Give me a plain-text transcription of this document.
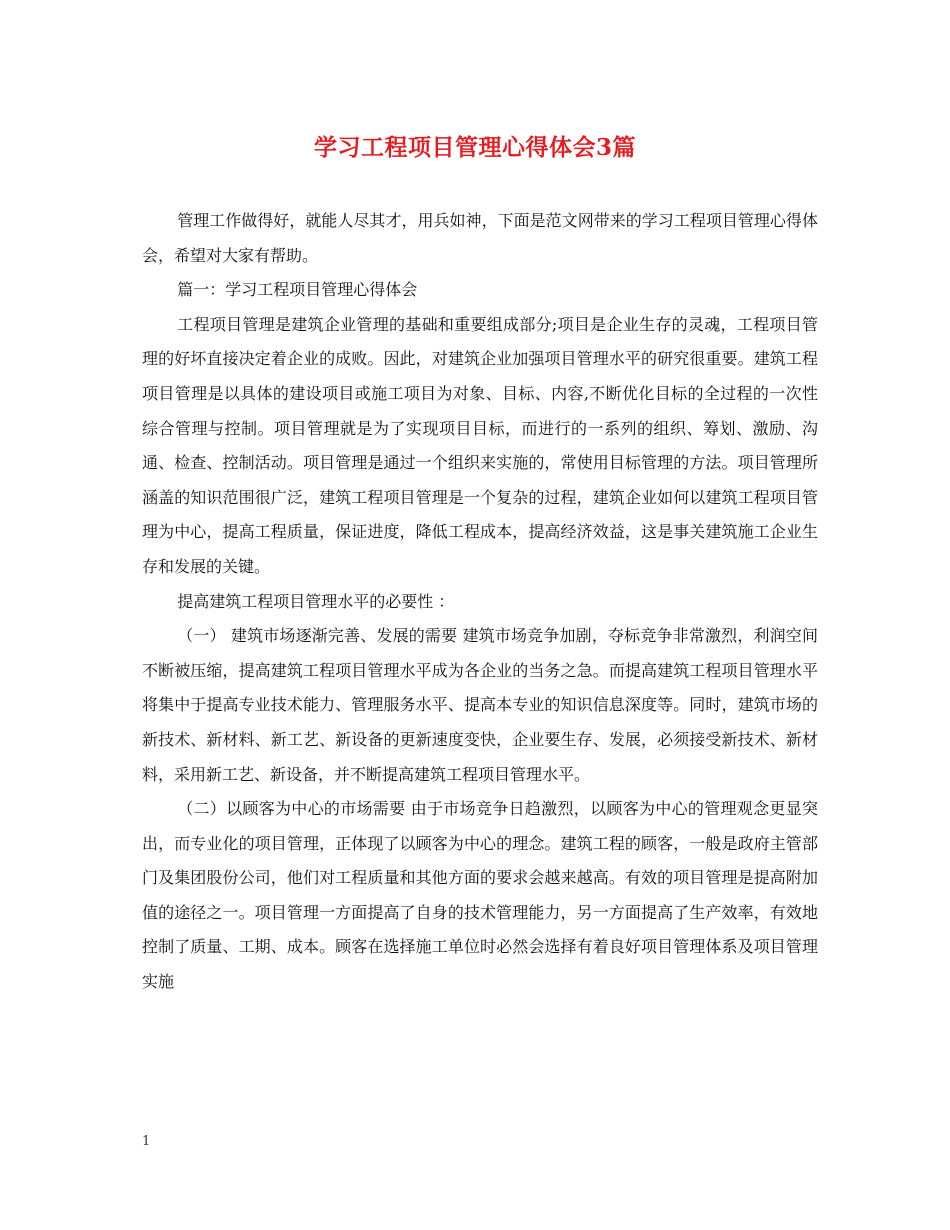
学习工程项目管理心得体会3篇

管理工作做得好，就能人尽其才，用兵如神，下面是范文网带来的学习工程项目管理心得体会，希望对大家有帮助。

篇一：学习工程项目管理心得体会

工程项目管理是建筑企业管理的基础和重要组成部分;项目是企业生存的灵魂，工程项目管理的好坏直接决定着企业的成败。因此，对建筑企业加强项目管理水平的研究很重要。建筑工程项目管理是以具体的建设项目或施工项目为对象、目标、内容,不断优化目标的全过程的一次性综合管理与控制。项目管理就是为了实现项目目标，而进行的一系列的组织、筹划、激励、沟通、检查、控制活动。项目管理是通过一个组织来实施的，常使用目标管理的方法。项目管理所涵盖的知识范围很广泛，建筑工程项目管理是一个复杂的过程，建筑企业如何以建筑工程项目管理为中心，提高工程质量，保证进度，降低工程成本，提高经济效益，这是事关建筑施工企业生存和发展的关键。

提高建筑工程项目管理水平的必要性 ：

（一） 建筑市场逐渐完善、发展的需要 建筑市场竞争加剧，夺标竞争非常激烈，利润空间不断被压缩，提高建筑工程项目管理水平成为各企业的当务之急。而提高建筑工程项目管理水平将集中于提高专业技术能力、管理服务水平、提高本专业的知识信息深度等。同时，建筑市场的新技术、新材料、新工艺、新设备的更新速度变快，企业要生存、发展，必须接受新技术、新材料，采用新工艺、新设备，并不断提高建筑工程项目管理水平。

（二）以顾客为中心的市场需要 由于市场竞争日趋激烈，以顾客为中心的管理观念更显突出，而专业化的项目管理，正体现了以顾客为中心的理念。建筑工程的顾客，一般是政府主管部门及集团股份公司，他们对工程质量和其他方面的要求会越来越高。有效的项目管理是提高附加值的途径之一。项目管理一方面提高了自身的技术管理能力，另一方面提高了生产效率，有效地控制了质量、工期、成本。顾客在选择施工单位时必然会选择有着良好项目管理体系及项目管理实施

1
